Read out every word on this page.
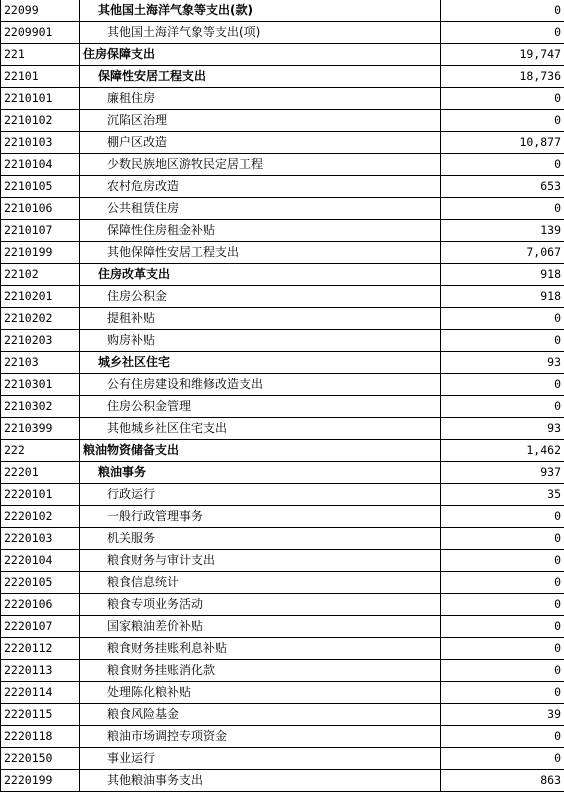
22099	其他国土海洋气象等支出(款)	0
2209901	其他国土海洋气象等支出(项)	0
221	住房保障支出	19,747
22101	保障性安居工程支出	18,736
2210101	廉租住房	0
2210102	沉陷区治理	0
2210103	棚户区改造	10,877
2210104	少数民族地区游牧民定居工程	0
2210105	农村危房改造	653
2210106	公共租赁住房	0
2210107	保障性住房租金补贴	139
2210199	其他保障性安居工程支出	7,067
22102	住房改革支出	918
2210201	住房公积金	918
2210202	提租补贴	0
2210203	购房补贴	0
22103	城乡社区住宅	93
2210301	公有住房建设和维修改造支出	0
2210302	住房公积金管理	0
2210399	其他城乡社区住宅支出	93
222	粮油物资储备支出	1,462
22201	粮油事务	937
2220101	行政运行	35
2220102	一般行政管理事务	0
2220103	机关服务	0
2220104	粮食财务与审计支出	0
2220105	粮食信息统计	0
2220106	粮食专项业务活动	0
2220107	国家粮油差价补贴	0
2220112	粮食财务挂账利息补贴	0
2220113	粮食财务挂账消化款	0
2220114	处理陈化粮补贴	0
2220115	粮食风险基金	39
2220118	粮油市场调控专项资金	0
2220150	事业运行	0
2220199	其他粮油事务支出	863
